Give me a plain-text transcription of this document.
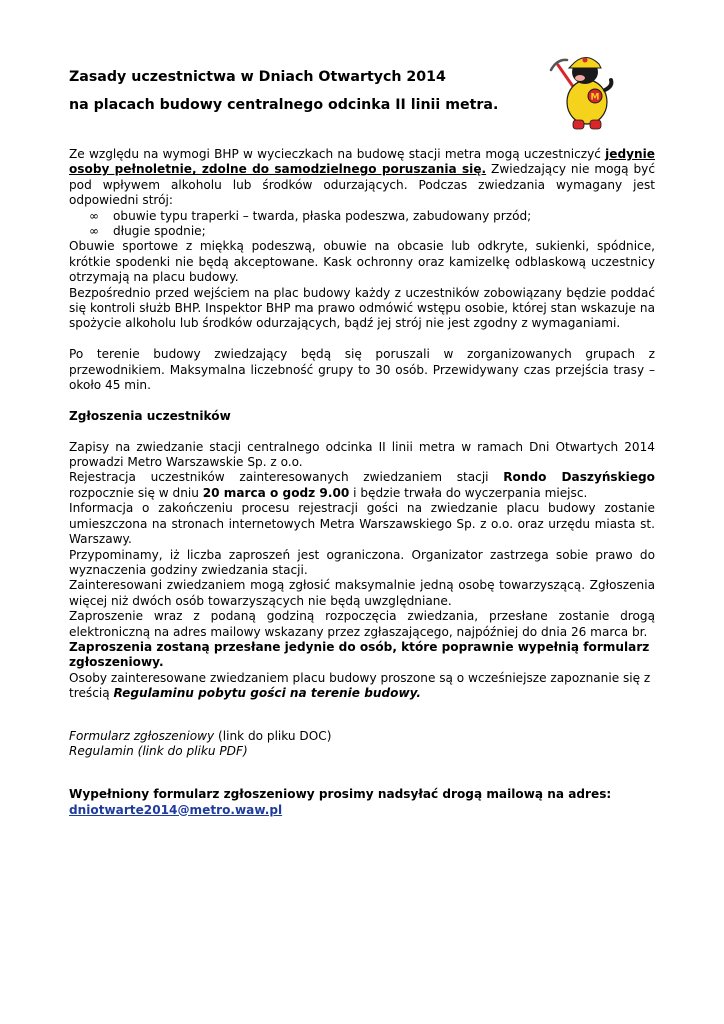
Zasady uczestnictwa w Dniach Otwartych 2014
na placach budowy centralnego odcinka II linii metra.	M

Ze względu na wymogi BHP w wycieczkach na budowę stacji metra mogą uczestniczyć jedynie osoby pełnoletnie, zdolne do samodzielnego poruszania się. Zwiedzający nie mogą być pod wpływem alkoholu lub środków odurzających. Podczas zwiedzania wymagany jest odpowiedni strój:

∞ obuwie typu traperki – twarda, płaska podeszwa, zabudowany przód;
∞ długie spodnie;

Obuwie sportowe z miękką podeszwą, obuwie na obcasie lub odkryte, sukienki, spódnice, krótkie spodenki nie będą akceptowane. Kask ochronny oraz kamizelkę odblaskową uczestnicy otrzymają na placu budowy.

Bezpośrednio przed wejściem na plac budowy każdy z uczestników zobowiązany będzie poddać się kontroli służb BHP. Inspektor BHP ma prawo odmówić wstępu osobie, której stan wskazuje na spożycie alkoholu lub środków odurzających, bądź jej strój nie jest zgodny z wymaganiami.

Po terenie budowy zwiedzający będą się poruszali w zorganizowanych grupach z przewodnikiem. Maksymalna liczebność grupy to 30 osób. Przewidywany czas przejścia trasy – około 45 min.

Zgłoszenia uczestników

Zapisy na zwiedzanie stacji centralnego odcinka II linii metra w ramach Dni Otwartych 2014 prowadzi Metro Warszawskie Sp. z o.o.

Rejestracja uczestników zainteresowanych zwiedzaniem stacji Rondo Daszyńskiego rozpocznie się w dniu 20 marca o godz 9.00 i będzie trwała do wyczerpania miejsc.

Informacja o zakończeniu procesu rejestracji gości na zwiedzanie placu budowy zostanie umieszczona na stronach internetowych Metra Warszawskiego Sp. z o.o. oraz urzędu miasta st. Warszawy.

Przypominamy, iż liczba zaproszeń jest ograniczona. Organizator zastrzega sobie prawo do wyznaczenia godziny zwiedzania stacji.

Zainteresowani zwiedzaniem mogą zgłosić maksymalnie jedną osobę towarzyszącą. Zgłoszenia więcej niż dwóch osób towarzyszących nie będą uwzględniane.

Zaproszenie wraz z podaną godziną rozpoczęcia zwiedzania, przesłane zostanie drogą elektroniczną na adres mailowy wskazany przez zgłaszającego, najpóźniej do dnia 26 marca br.

Zaproszenia zostaną przesłane jedynie do osób, które poprawnie wypełnią formularz zgłoszeniowy.

Osoby zainteresowane zwiedzaniem placu budowy proszone są o wcześniejsze zapoznanie się z treścią Regulaminu pobytu gości na terenie budowy.

Formularz zgłoszeniowy (link do pliku DOC)

Regulamin (link do pliku PDF)

Wypełniony formularz zgłoszeniowy prosimy nadsyłać drogą mailową na adres:

dniotwarte2014@metro.waw.pl
